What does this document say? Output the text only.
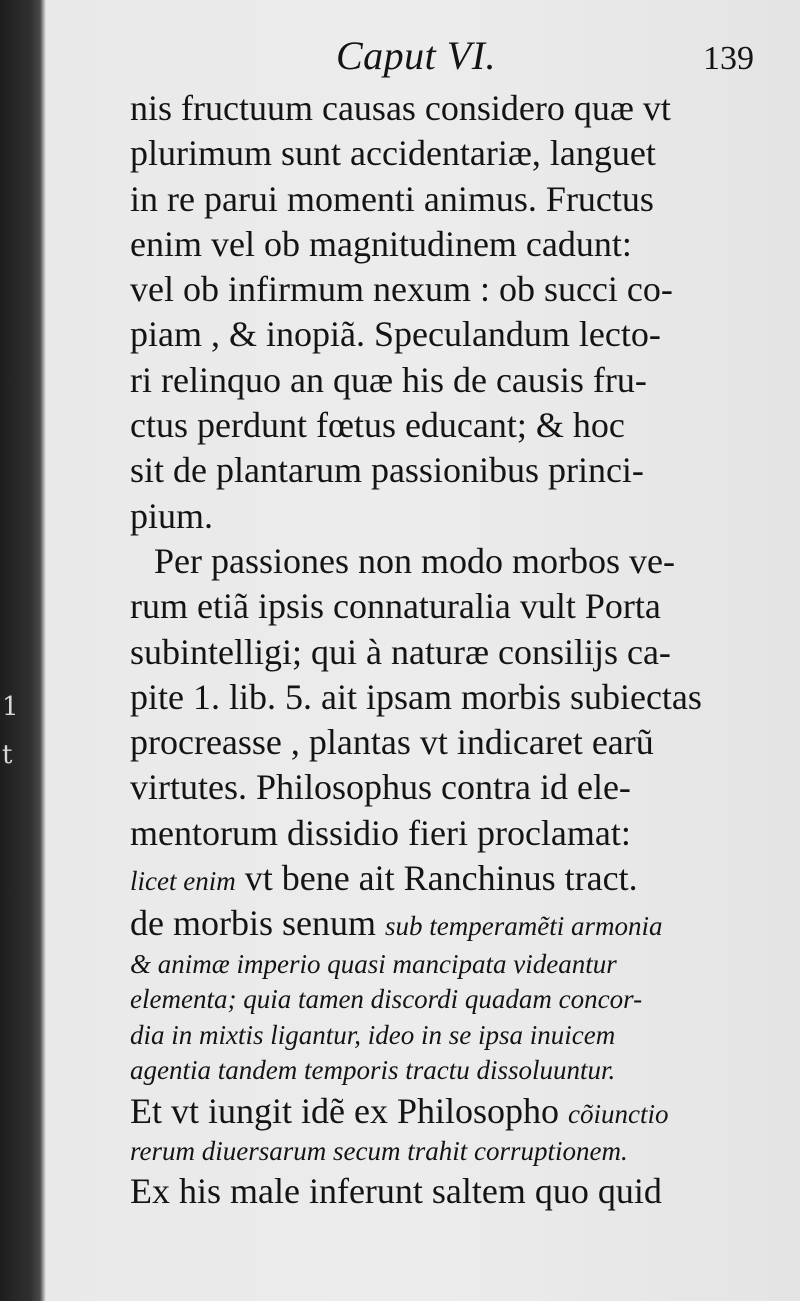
1
t
Caput VI.	139
nis fructuum causas considero quæ vt
plurimum sunt accidentariæ, languet
in re parui momenti animus. Fructus
enim vel ob magnitudinem cadunt:
vel ob infirmum nexum : ob succi co-
piam , & inopiã. Speculandum lecto-
ri relinquo an quæ his de causis fru-
ctus perdunt fœtus educant; & hoc
sit de plantarum passionibus princi-
pium.
Per passiones non modo morbos ve-
rum etiã ipsis connaturalia vult Porta
subintelligi; qui à naturæ consilijs ca-
pite 1. lib. 5. ait ipsam morbis subiectas
procreasse , plantas vt indicaret earũ
virtutes. Philosophus contra id ele-
mentorum dissidio fieri proclamat:
licet enim vt bene ait Ranchinus tract.
de morbis senum sub temperamẽti armonia
& animæ imperio quasi mancipata videantur
elementa; quia tamen discordi quadam concor-
dia in mixtis ligantur, ideo in se ipsa inuicem
agentia tandem temporis tractu dissoluuntur.
Et vt iungit idẽ ex Philosopho cõiunctio
rerum diuersarum secum trahit corruptionem.
Ex his male inferunt saltem quo quid
